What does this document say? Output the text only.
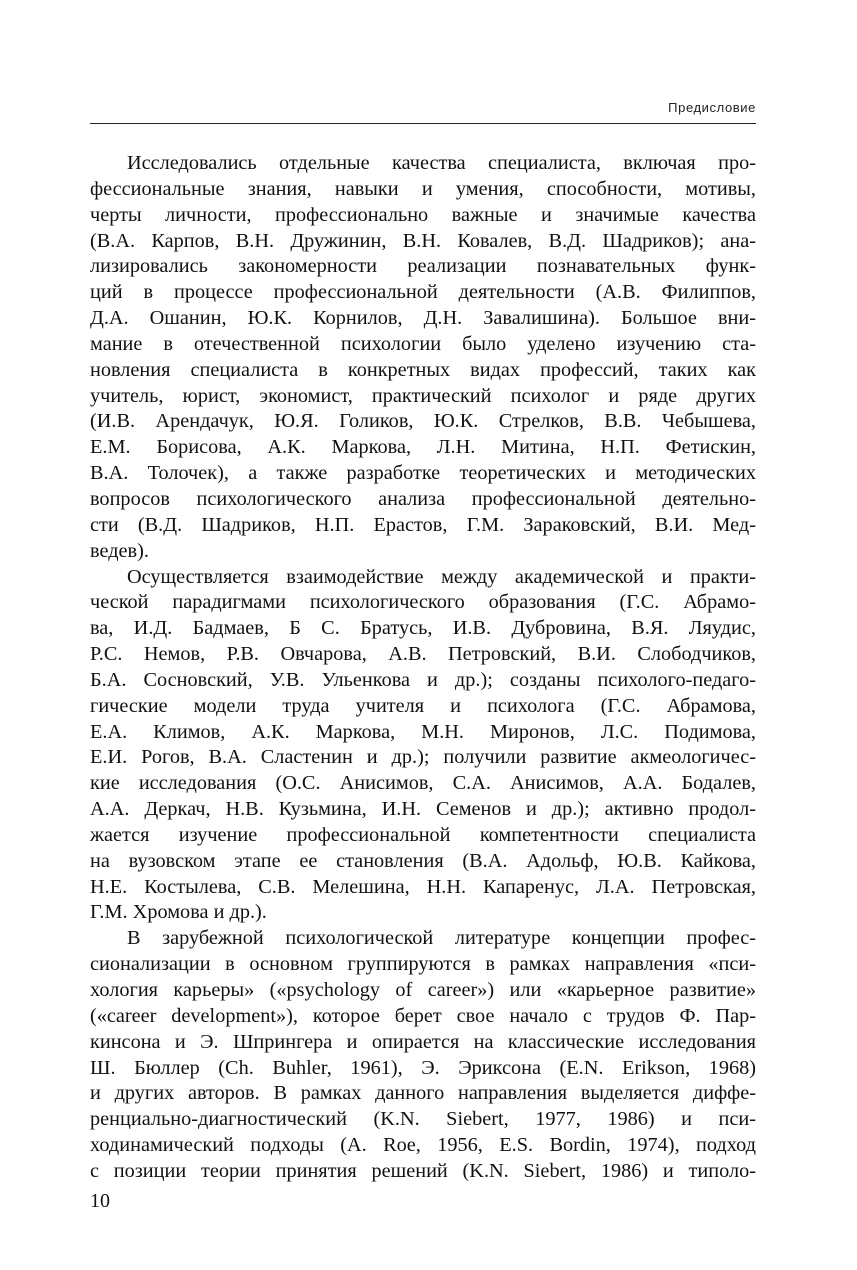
Предисловие

Исследовались отдельные качества специалиста, включая про-
фессиональные знания, навыки и умения, способности, мотивы,
черты личности, профессионально важные и значимые качества
(В.А. Карпов, В.Н. Дружинин, В.Н. Ковалев, В.Д. Шадриков); ана-
лизировались закономерности реализации познавательных функ-
ций в процессе профессиональной деятельности (А.В. Филиппов,
Д.А. Ошанин, Ю.К. Корнилов, Д.Н. Завалишина). Большое вни-
мание в отечественной психологии было уделено изучению ста-
новления специалиста в конкретных видах профессий, таких как
учитель, юрист, экономист, практический психолог и ряде других
(И.В. Арендачук, Ю.Я. Голиков, Ю.К. Стрелков, В.В. Чебышева,
Е.М. Борисова, А.К. Маркова, Л.Н. Митина, Н.П. Фетискин,
В.А. Толочек), а также разработке теоретических и методических
вопросов психологического анализа профессиональной деятельно-
сти (В.Д. Шадриков, Н.П. Ерастов, Г.М. Зараковский, В.И. Мед-
ведев).

Осуществляется взаимодействие между академической и практи-
ческой парадигмами психологического образования (Г.С. Абрамо-
ва, И.Д. Бадмаев, Б С. Братусь, И.В. Дубровина, В.Я. Ляудис,
Р.С. Немов, Р.В. Овчарова, А.В. Петровский, В.И. Слободчиков,
Б.А. Сосновский, У.В. Ульенкова и др.); созданы психолого-педаго-
гические модели труда учителя и психолога (Г.С. Абрамова,
Е.А. Климов, А.К. Маркова, М.Н. Миронов, Л.С. Подимова,
Е.И. Рогов, В.А. Сластенин и др.); получили развитие акмеологичес-
кие исследования (О.С. Анисимов, С.А. Анисимов, А.А. Бодалев,
А.А. Деркач, Н.В. Кузьмина, И.Н. Семенов и др.); активно продол-
жается изучение профессиональной компетентности специалиста
на вузовском этапе ее становления (В.А. Адольф, Ю.В. Кайкова,
Н.Е. Костылева, С.В. Мелешина, Н.Н. Капаренус, Л.А. Петровская,
Г.М. Хромова и др.).

В зарубежной психологической литературе концепции профес-
сионализации в основном группируются в рамках направления «пси-
хология карьеры» («psychology of career») или «карьерное развитие»
(«career development»), которое берет свое начало с трудов Ф. Пар-
кинсона и Э. Шпрингера и опирается на классические исследования
Ш. Бюллер (Ch. Buhler, 1961), Э. Эриксона (E.N. Erikson, 1968)
и других авторов. В рамках данного направления выделяется диффе-
ренциально-диагностический (K.N. Siebert, 1977, 1986) и пси-
ходинамический подходы (A. Roe, 1956, E.S. Bordin, 1974), подход
с позиции теории принятия решений (K.N. Siebert, 1986) и типоло-

10
